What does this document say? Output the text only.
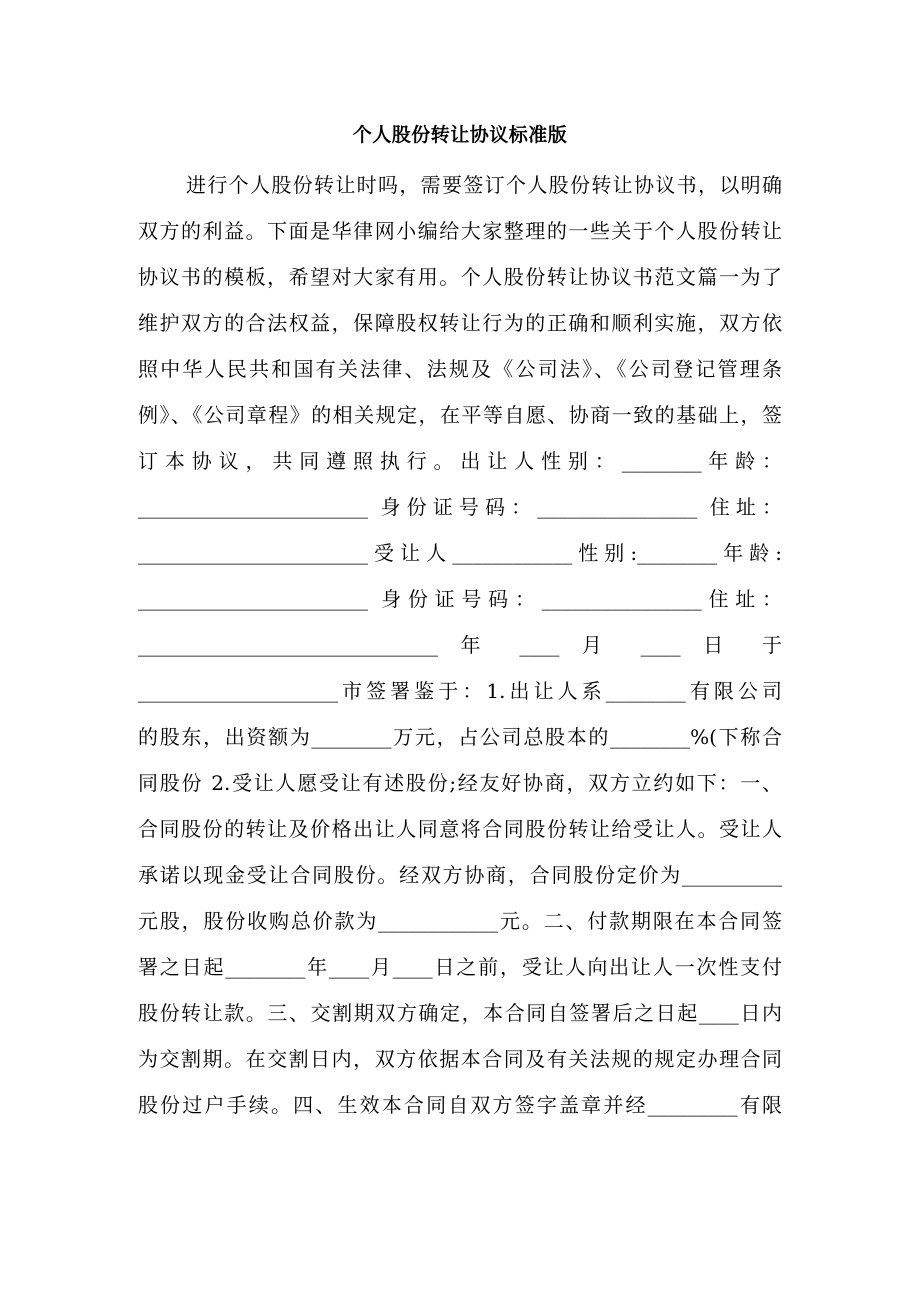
个人股份转让协议标准版
进行个人股份转让时吗，需要签订个人股份转让协议书，以明确
双方的利益。下面是华律网小编给大家整理的一些关于个人股份转让
协议书的模板，希望对大家有用。个人股份转让协议书范文篇一为了
维护双方的合法权益，保障股权转让行为的正确和顺利实施，双方依
照中华人民共和国有关法律、法规及《公司法》、《公司登记管理条
例》、《公司章程》的相关规定，在平等自愿、协商一致的基础上，签
订 本 协 议 ， 共 同 遵 照 执 行 。 出 让 人 性 别 ： ________ 年 龄 ：
_______________________ 身份证号码：________________ 住址：
_______________________受让人____________性别:________年龄:
_______________________ 身份证号码：________________住址：
______________________________ 年 ____ 月 ____ 日 于
____________________市签署鉴于：1.出让人系________有限公司
的股东，出资额为________万元，占公司总股本的________%(下称合
同股份 2.受让人愿受让有述股份;经友好协商，双方立约如下：一、
合同股份的转让及价格出让人同意将合同股份转让给受让人。受让人
承诺以现金受让合同股份。经双方协商，合同股份定价为__________
元股，股份收购总价款为____________元。二、付款期限在本合同签
署之日起________年____月____日之前，受让人向出让人一次性支付
股份转让款。三、交割期双方确定，本合同自签署后之日起____日内
为交割期。在交割日内，双方依据本合同及有关法规的规定办理合同
股份过户手续。四、生效本合同自双方签字盖章并经_________有限
